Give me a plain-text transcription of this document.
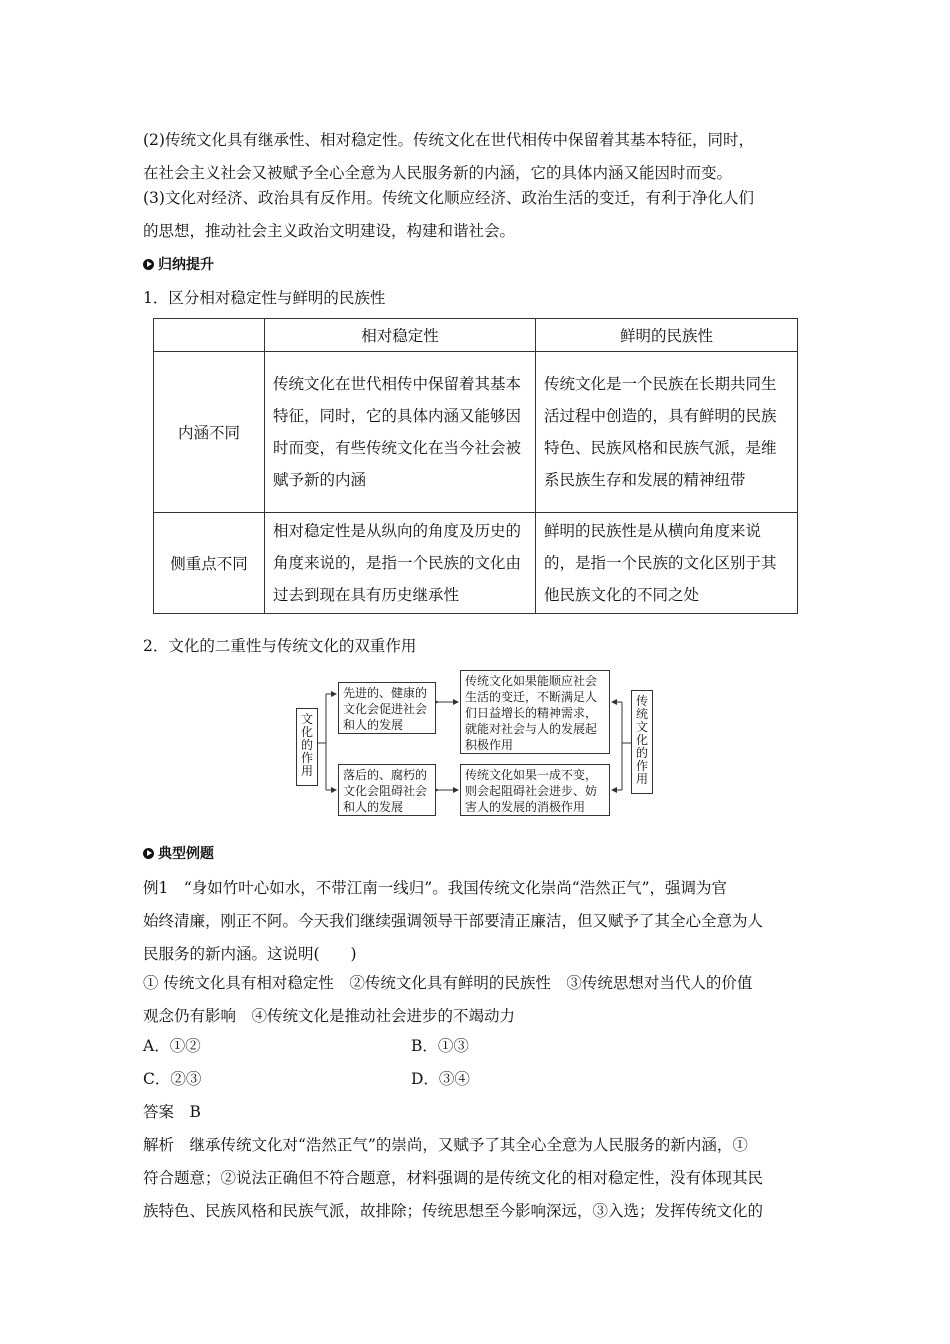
(2)传统文化具有继承性、相对稳定性。传统文化在世代相传中保留着其基本特征，同时，
在社会主义社会又被赋予全心全意为人民服务新的内涵，它的具体内涵又能因时而变。

(3)文化对经济、政治具有反作用。传统文化顺应经济、政治生活的变迁，有利于净化人们
的思想，推动社会主义政治文明建设，构建和谐社会。

归纳提升

1．区分相对稳定性与鲜明的民族性

	相对稳定性	鲜明的民族性
内涵不同	传统文化在世代相传中保留着其基本特征，同时，它的具体内涵又能够因时而变，有些传统文化在当今社会被赋予新的内涵	传统文化是一个民族在长期共同生活过程中创造的，具有鲜明的民族特色、民族风格和民族气派，是维系民族生存和发展的精神纽带
侧重点不同	相对稳定性是从纵向的角度及历史的角度来说的，是指一个民族的文化由过去到现在具有历史继承性	鲜明的民族性是从横向角度来说的，是指一个民族的文化区别于其他民族文化的不同之处

2．文化的二重性与传统文化的双重作用

文化的作用
先进的、健康的文化会促进社会和人的发展
落后的、腐朽的文化会阻碍社会和人的发展
传统文化如果能顺应社会生活的变迁，不断满足人们日益增长的精神需求，就能对社会与人的发展起积极作用
传统文化如果一成不变，则会起阻碍社会进步、妨害人的发展的消极作用
传统文化的作用
典型例题

例1　“身如竹叶心如水，不带江南一线归”。我国传统文化崇尚“浩然正气”，强调为官
始终清廉，刚正不阿。今天我们继续强调领导干部要清正廉洁，但又赋予了其全心全意为人
民服务的新内涵。这说明(　　)

① 传统文化具有相对稳定性　②传统文化具有鲜明的民族性　③传统思想对当代人的价值
观念仍有影响　④传统文化是推动社会进步的不竭动力

A．①②	B．①③
C．②③	D．③④
答案　B

解析　继承传统文化对“浩然正气”的崇尚，又赋予了其全心全意为人民服务的新内涵，①
符合题意；②说法正确但不符合题意，材料强调的是传统文化的相对稳定性，没有体现其民
族特色、民族风格和民族气派，故排除；传统思想至今影响深远，③入选；发挥传统文化的
